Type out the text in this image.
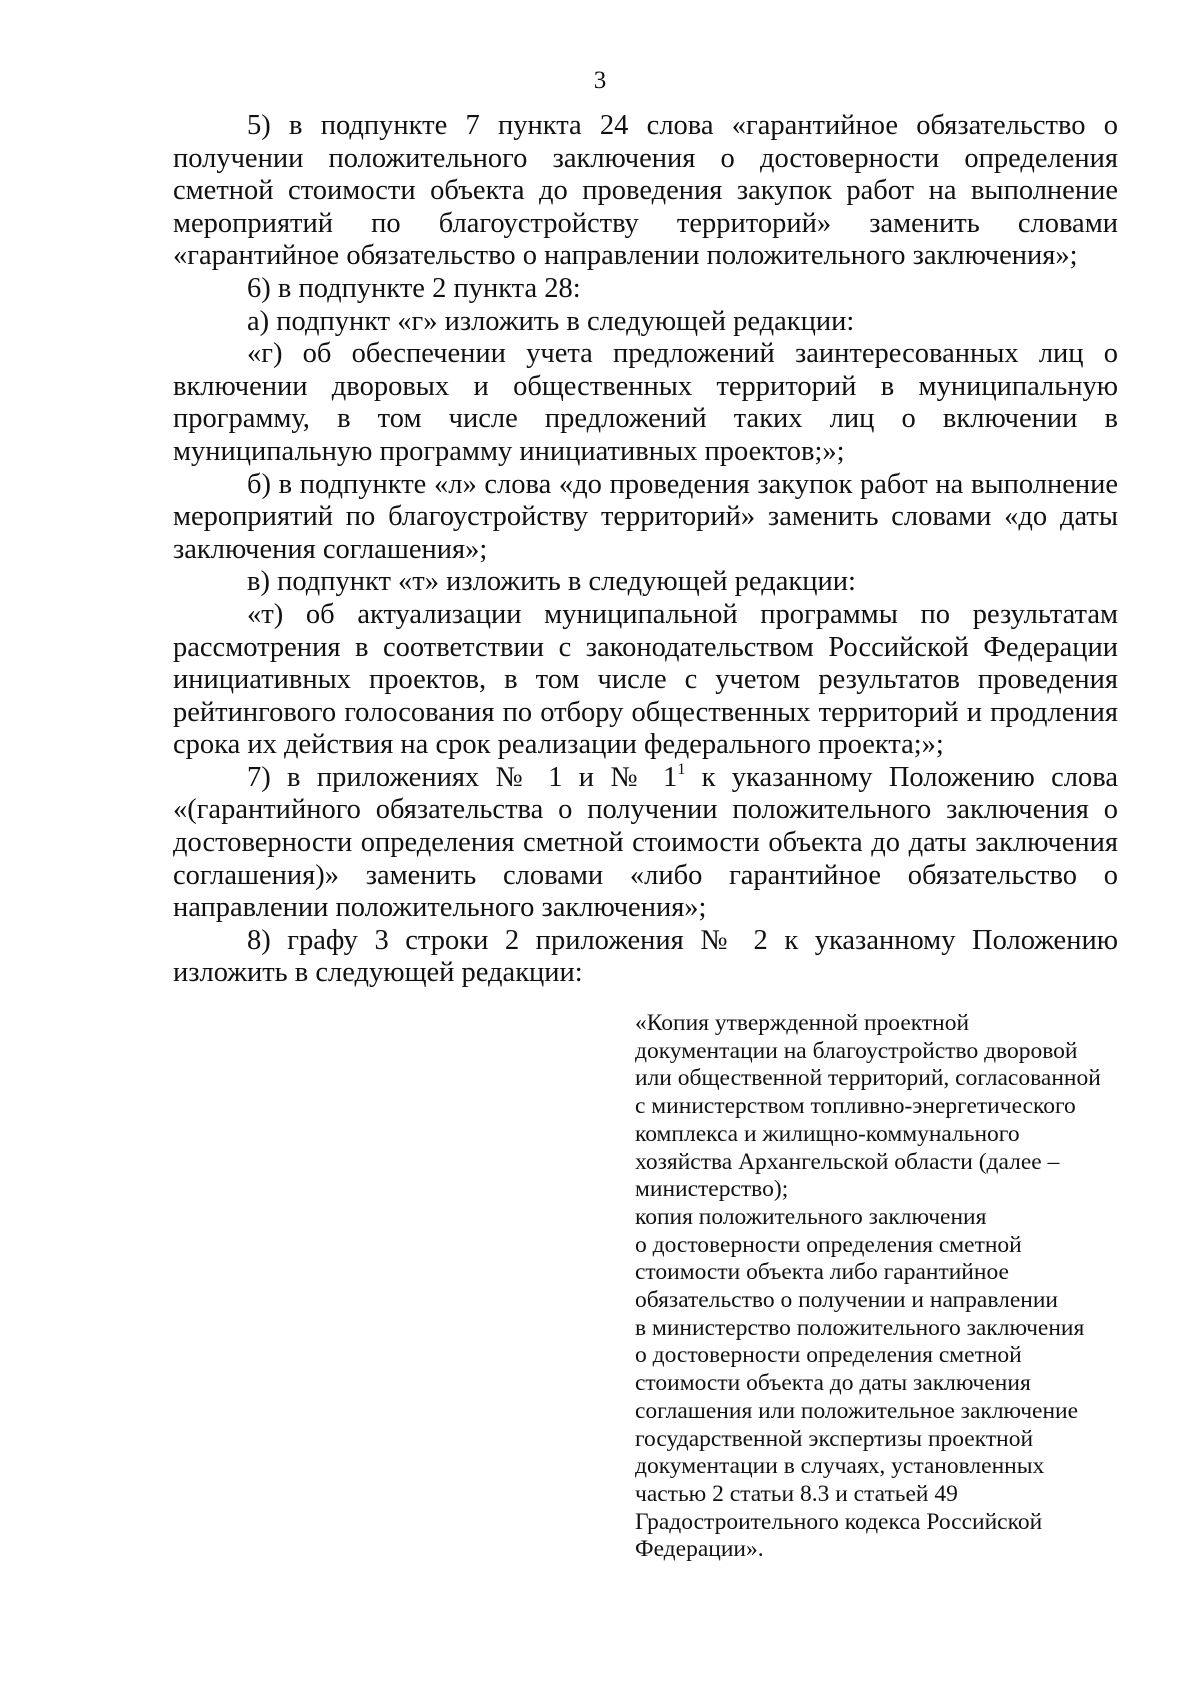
3

5) в подпункте 7 пункта 24 слова «гарантийное обязательство о получении положительного заключения о достоверности определения сметной стоимости объекта до проведения закупок работ на выполнение мероприятий по благоустройству территорий» заменить словами «гарантийное обязательство о направлении положительного заключения»;

6) в подпункте 2 пункта 28:

а) подпункт «г» изложить в следующей редакции:

«г) об обеспечении учета предложений заинтересованных лиц о включении дворовых и общественных территорий в муниципальную программу, в том числе предложений таких лиц о включении в муниципальную программу инициативных проектов;»;

б) в подпункте «л» слова «до проведения закупок работ на выполнение мероприятий по благоустройству территорий» заменить словами «до даты заключения соглашения»;

в) подпункт «т» изложить в следующей редакции:

«т) об актуализации муниципальной программы по результатам рассмотрения в соответствии с законодательством Российской Федерации инициативных проектов, в том числе с учетом результатов проведения рейтингового голосования по отбору общественных территорий и продления срока их действия на срок реализации федерального проекта;»;

7) в приложениях № 1 и № $1^1$ к указанному Положению слова «(гарантийного обязательства о получении положительного заключения о достоверности определения сметной стоимости объекта до даты заключения соглашения)» заменить словами «либо гарантийное обязательство о направлении положительного заключения»;

8) графу 3 строки 2 приложения № 2 к указанному Положению изложить в следующей редакции:

«Копия утвержденной проектной
документации на благоустройство дворовой
или общественной территорий, согласованной
с министерством топливно-энергетического
комплекса и жилищно-коммунального
хозяйства Архангельской области (далее –
министерство);
копия положительного заключения
о достоверности определения сметной
стоимости объекта либо гарантийное
обязательство о получении и направлении
в министерство положительного заключения
о достоверности определения сметной
стоимости объекта до даты заключения
соглашения или положительное заключение
государственной экспертизы проектной
документации в случаях, установленных
частью 2 статьи 8.3 и статьей 49
Градостроительного кодекса Российской
Федерации».
